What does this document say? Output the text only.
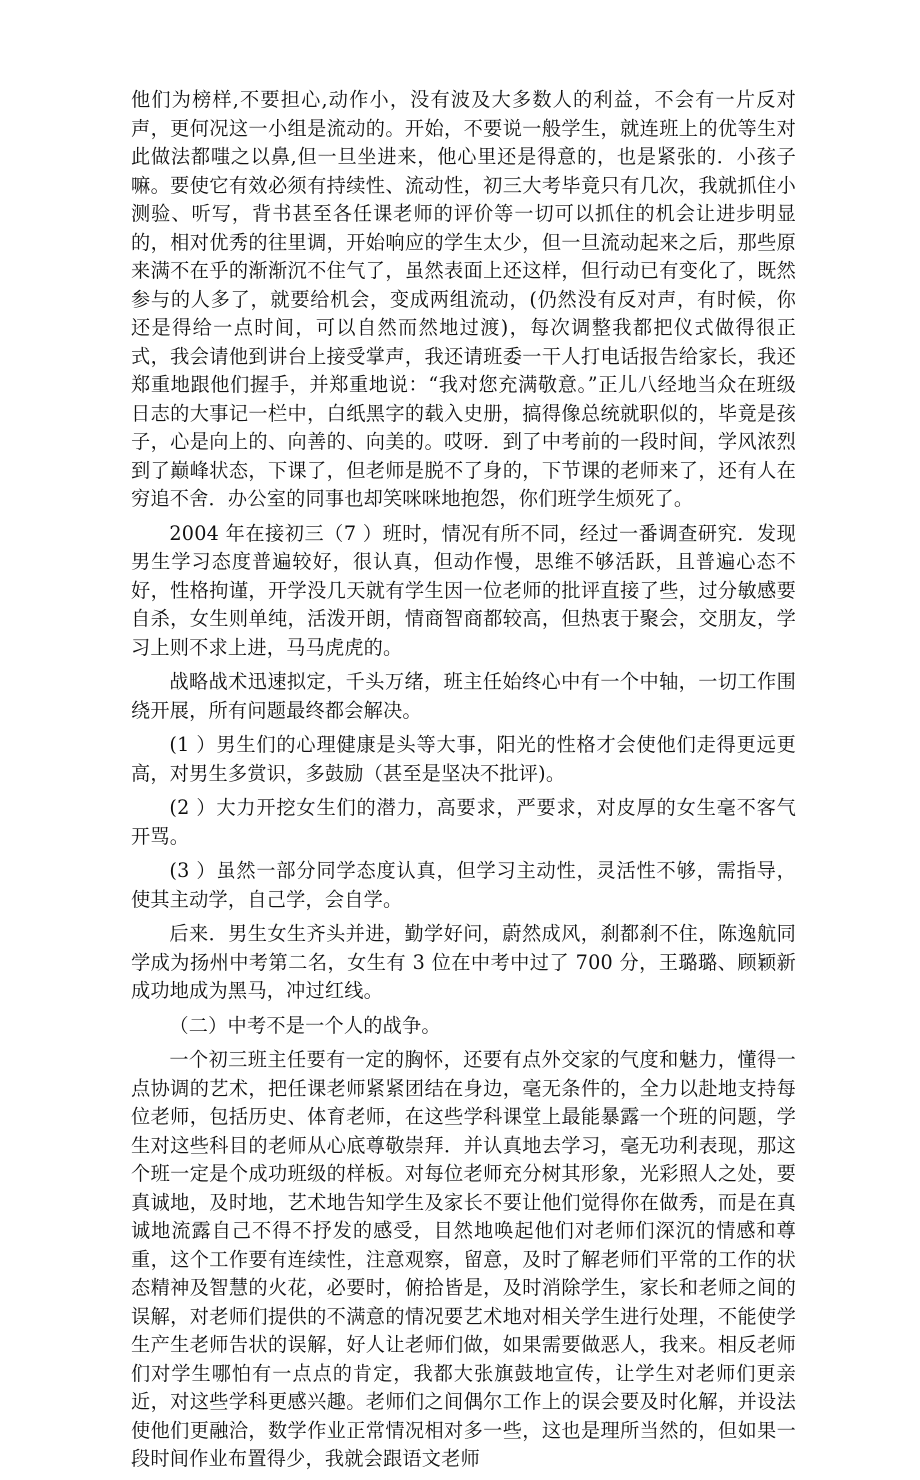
他们为榜样,不要担心,动作小，没有波及大多数人的利益，不会有一片反对声，更何况这一小组是流动的。开始，不要说一般学生，就连班上的优等生对此做法都嗤之以鼻,但一旦坐进来，他心里还是得意的，也是紧张的．小孩子嘛。要使它有效必须有持续性、流动性，初三大考毕竟只有几次，我就抓住小测验、听写，背书甚至各任课老师的评价等一切可以抓住的机会让进步明显的，相对优秀的往里调，开始响应的学生太少，但一旦流动起来之后，那些原来满不在乎的渐渐沉不住气了，虽然表面上还这样，但行动已有变化了，既然参与的人多了，就要给机会，变成两组流动，(仍然没有反对声，有时候，你还是得给一点时间，可以自然而然地过渡)，每次调整我都把仪式做得很正式，我会请他到讲台上接受掌声，我还请班委一干人打电话报告给家长，我还郑重地跟他们握手，并郑重地说：“我对您充满敬意。”正儿八经地当众在班级日志的大事记一栏中，白纸黑字的载入史册，搞得像总统就职似的，毕竟是孩子，心是向上的、向善的、向美的。哎呀．到了中考前的一段时间，学风浓烈到了巅峰状态，下课了，但老师是脱不了身的，下节课的老师来了，还有人在穷追不舍．办公室的同事也却笑咪咪地抱怨，你们班学生烦死了。

2004 年在接初三（7 ）班时，情况有所不同，经过一番调查研究．发现男生学习态度普遍较好，很认真，但动作慢，思维不够活跃，且普遍心态不好，性格拘谨，开学没几天就有学生因一位老师的批评直接了些，过分敏感要自杀，女生则单纯，活泼开朗，情商智商都较高，但热衷于聚会，交朋友，学习上则不求上进，马马虎虎的。

战略战术迅速拟定，千头万绪，班主任始终心中有一个中轴，一切工作围绕开展，所有问题最终都会解决。

(1 ）男生们的心理健康是头等大事，阳光的性格才会使他们走得更远更高，对男生多赏识，多鼓励（甚至是坚决不批评)。

(2 ）大力开挖女生们的潜力，高要求，严要求，对皮厚的女生毫不客气开骂。

(3 ）虽然一部分同学态度认真，但学习主动性，灵活性不够，需指导，使其主动学，自己学，会自学。

后来．男生女生齐头并进，勤学好问，蔚然成风，刹都刹不住，陈逸航同学成为扬州中考第二名，女生有 3 位在中考中过了 700 分，王璐璐、顾颖新成功地成为黑马，冲过红线。

（二）中考不是一个人的战争。

一个初三班主任要有一定的胸怀，还要有点外交家的气度和魅力，懂得一点协调的艺术，把任课老师紧紧团结在身边，毫无条件的，全力以赴地支持每位老师，包括历史、体育老师，在这些学科课堂上最能暴露一个班的问题，学生对这些科目的老师从心底尊敬崇拜．并认真地去学习，毫无功利表现，那这个班一定是个成功班级的样板。对每位老师充分树其形象，光彩照人之处，要真诚地，及时地，艺术地告知学生及家长不要让他们觉得你在做秀，而是在真诚地流露自己不得不抒发的感受，目然地唤起他们对老师们深沉的情感和尊重，这个工作要有连续性，注意观察，留意，及时了解老师们平常的工作的状态精神及智慧的火花，必要时，俯拾皆是，及时消除学生，家长和老师之间的误解，对老师们提供的不满意的情况要艺术地对相关学生进行处理，不能使学生产生老师告状的误解，好人让老师们做，如果需要做恶人，我来。相反老师们对学生哪怕有一点点的肯定，我都大张旗鼓地宣传，让学生对老师们更亲近，对这些学科更感兴趣。老师们之间偶尔工作上的误会要及时化解，并设法使他们更融洽，数学作业正常情况相对多一些，这也是理所当然的，但如果一段时间作业布置得少，我就会跟语文老师
